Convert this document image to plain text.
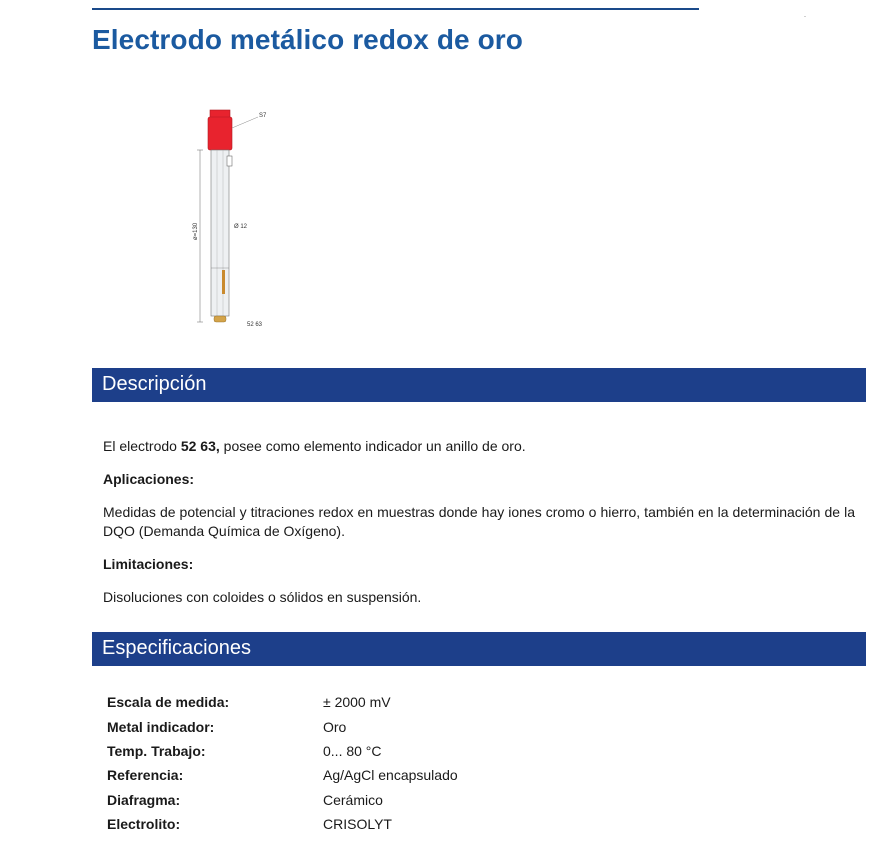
Electrodo metálico redox de oro
S7
ø=130	Ø 12
52 63
Descripción

El electrodo 52 63, posee como elemento indicador un anillo de oro.

Aplicaciones:

Medidas de potencial y titraciones redox en muestras donde hay iones cromo o hierro, también en la determinación de la DQO (Demanda Química de Oxígeno).

Limitaciones:

Disoluciones con coloides o sólidos en suspensión.

Especificaciones
Escala de medida:	± 2000 mV
Metal indicador:	Oro
Temp. Trabajo:	0... 80 °C
Referencia:	Ag/AgCl encapsulado
Diafragma:	Cerámico
Electrolito:	CRISOLYT
